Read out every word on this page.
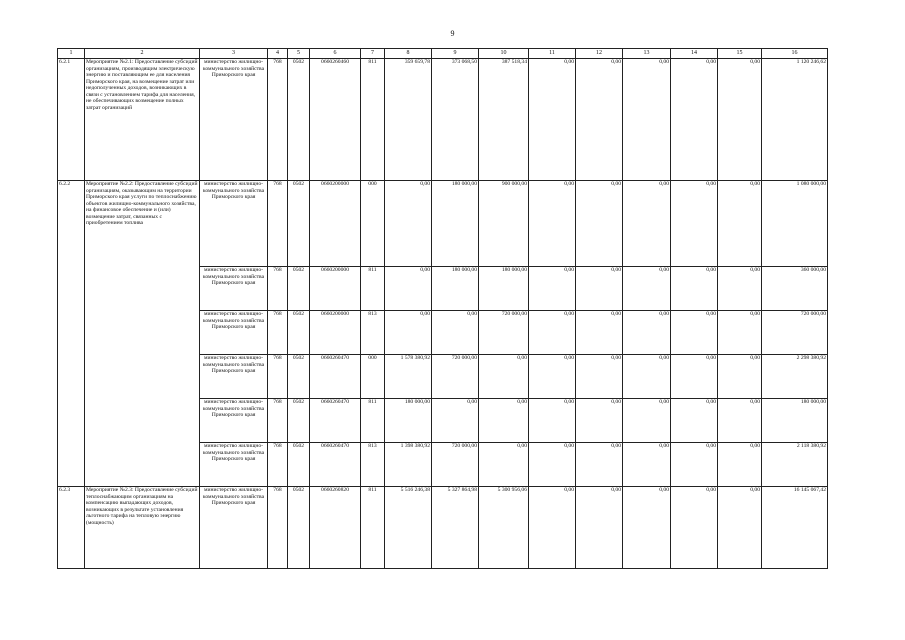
9
1	2	3	4	5	6	7	8	9	10	11	12	13	14	15	16
6.2.1	Мероприятие №2.1: Предоставление субсидий организациям, производящим электрическую энергию и поставляющим ее для населения Приморского края, на возмещение затрат или недополученных доходов, возникающих в связи с установлением тарифа для населения, не обеспечивающих возмещение полных затрат организаций	министерство жилищно-коммунального хозяйства Приморского края	768	0502	0660260460	811	359 659,78	373 068,50	387 518,34	0,00	0,00	0,00	0,00	0,00	1 120 246,62
6.2.2	Мероприятие №2.2: Предоставление субсидий организациям, оказывающим на территории Приморского края услуги по теплоснабжению объектов жилищно-коммунального хозяйства, на финансовое обеспечение и (или) возмещение затрат, связанных с приобретением топлива	министерство жилищно-коммунального хозяйства Приморского края	768	0502	0660200000	000	0,00	180 000,00	900 000,00	0,00	0,00	0,00	0,00	0,00	1 080 000,00
		министерство жилищно-коммунального хозяйства Приморского края	768	0502	0660200000	811	0,00	180 000,00	180 000,00	0,00	0,00	0,00	0,00	0,00	360 000,00
		министерство жилищно-коммунального хозяйства Приморского края	768	0502	0660200000	813	0,00	0,00	720 000,00	0,00	0,00	0,00	0,00	0,00	720 000,00
		министерство жилищно-коммунального хозяйства Приморского края	768	0502	0660260470	000	1 578 380,92	720 000,00	0,00	0,00	0,00	0,00	0,00	0,00	2 298 380,92
		министерство жилищно-коммунального хозяйства Приморского края	768	0502	0660260470	811	180 000,00	0,00	0,00	0,00	0,00	0,00	0,00	0,00	180 000,00
		министерство жилищно-коммунального хозяйства Приморского края	768	0502	0660260470	813	1 398 380,92	720 000,00	0,00	0,00	0,00	0,00	0,00	0,00	2 118 380,92
6.2.3	Мероприятие №2.3: Предоставление субсидий теплоснабжающим организациям на компенсацию выпадающих доходов, возникающих в результате установления льготного тарифа на тепловую энергию (мощность)	министерство жилищно-коммунального хозяйства Приморского края	768	0502	0660260820	811	5 516 246,38	5 327 864,98	5 300 956,06	0,00	0,00	0,00	0,00	0,00	16 145 067,42
